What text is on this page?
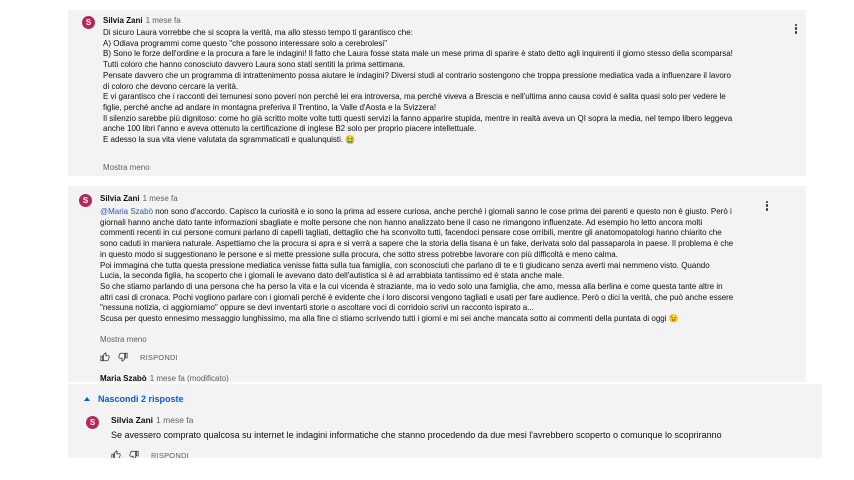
S	Silvia Zani 1 mese fa

Di sicuro Laura vorrebbe che si scopra la verità, ma allo stesso tempo ti garantisco che:

A) Odiava programmi come questo "che possono interessare solo a cerebrolesi"

B) Sono le forze dell'ordine e la procura a fare le indagini! Il fatto che Laura fosse stata male un mese prima di sparire è stato detto agli inquirenti il giorno stesso della scomparsa!

Tutti coloro che hanno conosciuto davvero Laura sono stati sentiti la prima settimana.

Pensate davvero che un programma di intrattenimento possa aiutare le indagini? Diversi studi al contrario sostengono che troppa pressione mediatica vada a influenzare il lavoro

di coloro che devono cercare la verità.

E vi garantisco che i racconti dei temunesi sono poveri non perché lei era introversa, ma perché viveva a Brescia e nell'ultima anno causa covid è salita quasi solo per vedere le

figlie, perché anche ad andare in montagna preferiva il Trentino, la Valle d'Aosta e la Svizzera!

Il silenzio sarebbe più dignitoso: come ho già scritto molte volte tutti questi servizi la fanno apparire stupida, mentre in realtà aveva un QI sopra la media, nel tempo libero leggeva

anche 100 libri l'anno e aveva ottenuto la certificazione di inglese B2 solo per proprio piacere intellettuale.

E adesso la sua vita viene valutata da sgrammaticati e qualunquisti. 🤮

Mostra meno
S	Silvia Zani 1 mese fa

@Maria Szabò non sono d'accordo. Capisco la curiosità e io sono la prima ad essere curiosa, anche perché i giornali sanno le cose prima dei parenti e questo non è giusto. Però i

giornali hanno anche dato tante informazioni sbagliate e molte persone che non hanno analizzato bene il caso ne rimangono influenzate. Ad esempio ho letto ancora molti

commenti recenti in cui persone comuni parlano di capelli tagliati, dettaglio che ha sconvolto tutti, facendoci pensare cose orribili, mentre gli anatomopatologi hanno chiarito che

sono caduti in maniera naturale. Aspettiamo che la procura si apra e si verrà a sapere che la storia della tisana è un fake, derivata solo dal passaparola in paese. Il problema è che

in questo modo si suggestionano le persone e si mette pressione sulla procura, che sotto stress potrebbe lavorare con più difficoltà e meno calma.

Poi immagina che tutta questa pressione mediatica venisse fatta sulla tua famiglia, con sconosciuti che parlano di te e ti giudicano senza averti mai nemmeno visto. Quando

Lucia, la seconda figlia, ha scoperto che i giornali le avevano dato dell'autistica si è ad arrabbiata tantissimo ed è stata anche male.

So che stiamo parlando di una persona che ha perso la vita e la cui vicenda è straziante, ma io vedo solo una famiglia, che amo, messa alla berlina e come questa tante altre in

altri casi di cronaca. Pochi vogliono parlare con i giornali perché è evidente che i loro discorsi vengono tagliati e usati per fare audience. Però o dici la verità, che può anche essere

"nessuna notizia, ci aggiorniamo" oppure se devi inventarti storie o ascoltare voci di corridoio scrivi un racconto ispirato a...

Scusa per questo ennesimo messaggio lunghissimo, ma alla fine ci stiamo scrivendo tutti i giorni e mi sei anche mancata sotto ai commenti della puntata di oggi 😉

Mostra meno
RISPONDI
Maria Szabò 1 mese fa (modificato)
Nascondi 2 risposte
S	Silvia Zani 1 mese fa
Se avessero comprato qualcosa su internet le indagini informatiche che stanno procedendo da due mesi l'avrebbero scoperto o comunque lo scopriranno
RISPONDI
